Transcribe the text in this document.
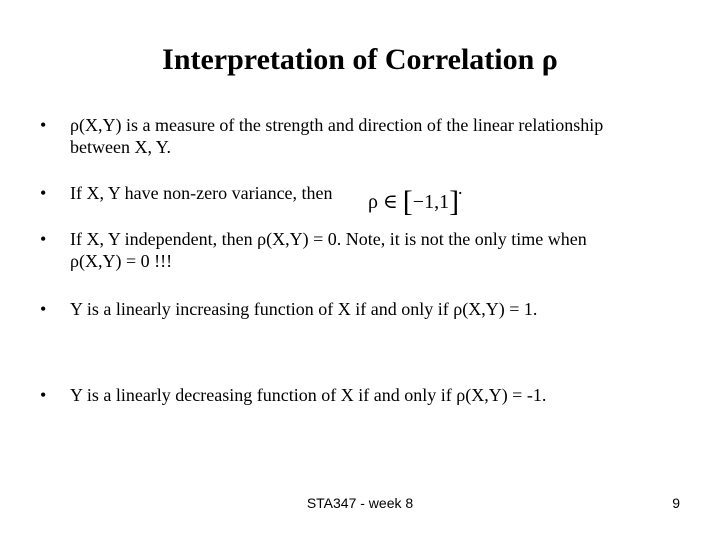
Interpretation of Correlation ρ
• ρ(X,Y) is a measure of the strength and direction of the linear relationship
between X, Y.
• If X, Y have non-zero variance, then	ρ ∈ [−1,1]
.
• If X, Y independent, then ρ(X,Y) = 0. Note, it is not the only time when
ρ(X,Y) = 0 !!!
• Y is a linearly increasing function of X if and only if ρ(X,Y) = 1.
• Y is a linearly decreasing function of X if and only if ρ(X,Y) = -1.
STA347 - week 8	9
